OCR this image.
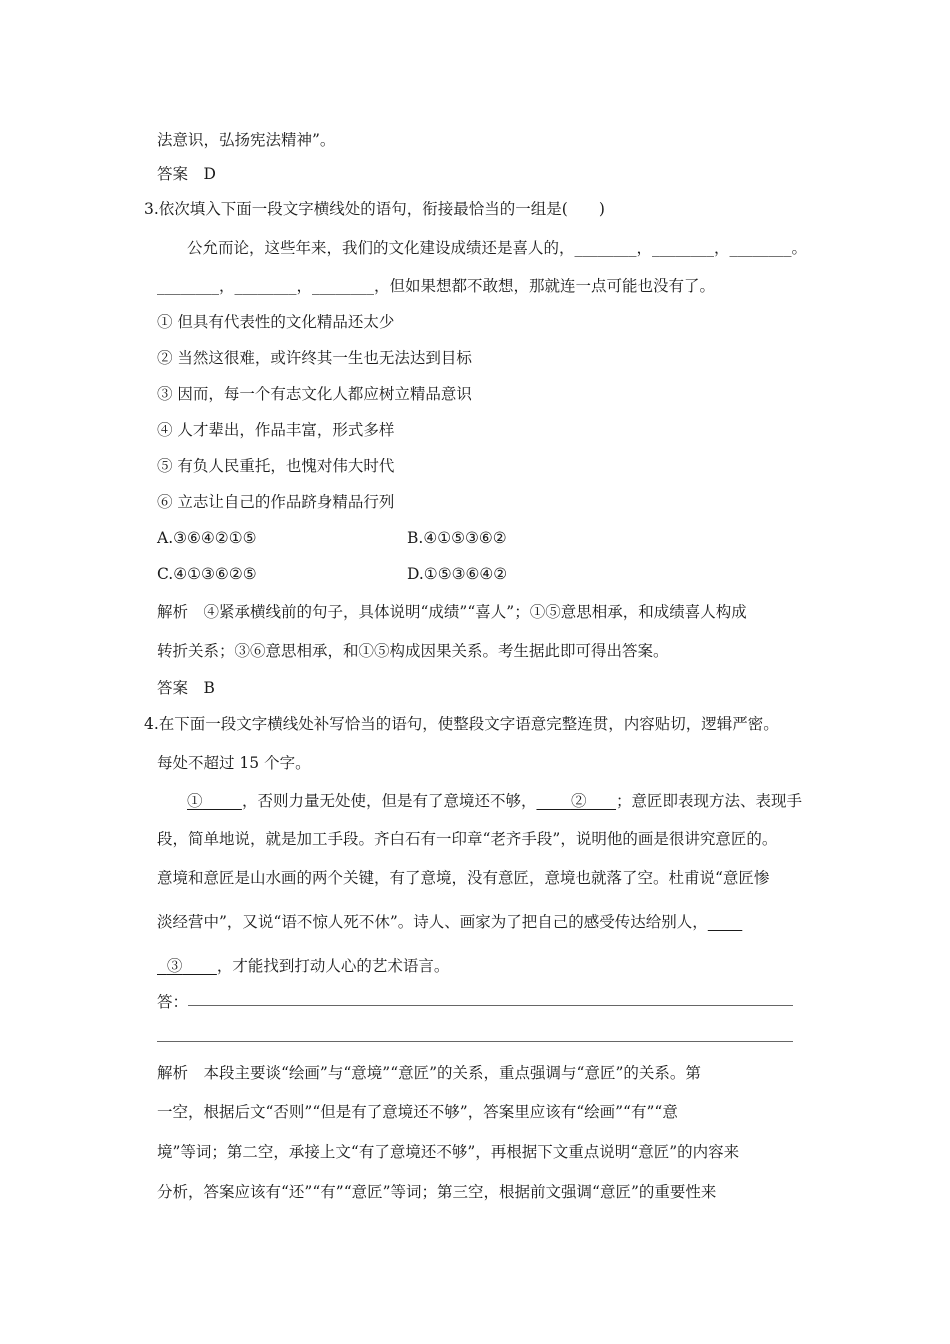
法意识，弘扬宪法精神”。
答案　D
3.依次填入下面一段文字横线处的语句，衔接最恰当的一组是(　　)
公允而论，这些年来，我们的文化建设成绩还是喜人的，________，________，________。
________，________，________，但如果想都不敢想，那就连一点可能也没有了。
① 但具有代表性的文化精品还太少
② 当然这很难，或许终其一生也无法达到目标
③ 因而，每一个有志文化人都应树立精品意识
④ 人才辈出，作品丰富，形式多样
⑤ 有负人民重托，也愧对伟大时代
⑥ 立志让自己的作品跻身精品行列
A.③⑥④②①⑤	B.④①⑤③⑥②
C.④①③⑥②⑤	D.①⑤③⑥④②
解析　④紧承横线前的句子，具体说明“成绩”“喜人”；①⑤意思相承，和成绩喜人构成
转折关系；③⑥意思相承，和①⑤构成因果关系。考生据此即可得出答案。
答案　B
4.在下面一段文字横线处补写恰当的语句，使整段文字语意完整连贯，内容贴切，逻辑严密。
每处不超过 15 个字。
①	，否则力量无处使，但是有了意境还不够， ② ；意匠即表现方法、表现手
段，简单地说，就是加工手段。齐白石有一印章“老齐手段”，说明他的画是很讲究意匠的。
意境和意匠是山水画的两个关键，有了意境，没有意匠，意境也就落了空。杜甫说“意匠惨
淡经营中”，又说“语不惊人死不休”。诗人、画家为了把自己的感受传达给别人，
③ ，才能找到打动人心的艺术语言。
答：
解析　本段主要谈“绘画”与“意境”“意匠”的关系，重点强调与“意匠”的关系。第
一空，根据后文“否则”“但是有了意境还不够”，答案里应该有“绘画”“有”“意
境”等词；第二空，承接上文“有了意境还不够”，再根据下文重点说明“意匠”的内容来
分析，答案应该有“还”“有”“意匠”等词；第三空，根据前文强调“意匠”的重要性来
